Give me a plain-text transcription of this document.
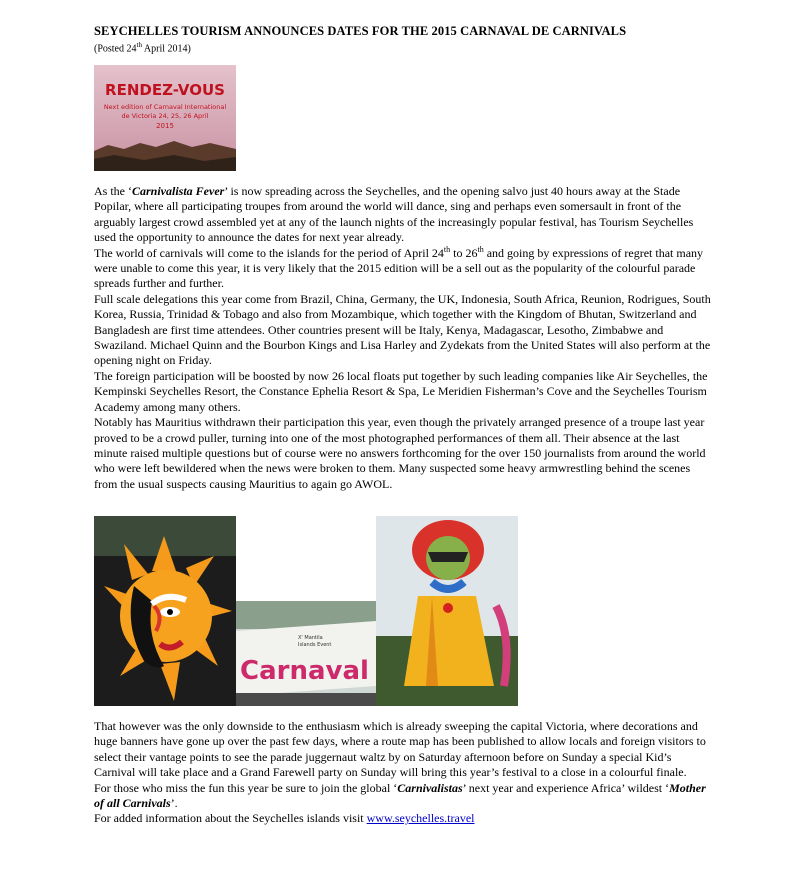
SEYCHELLES TOURISM ANNOUNCES DATES FOR THE 2015 CARNAVAL DE CARNIVALS

(Posted 24th April 2014)

RENDEZ-VOUS
Next edition of Carnaval International
de Victoria 24, 25, 26 April
2015

As the ‘Carnivalista Fever’ is now spreading across the Seychelles, and the opening salvo just 40 hours away at the Stade Popilar, where all participating troupes from around the world will dance, sing and perhaps even somersault in front of the arguably largest crowd assembled yet at any of the launch nights of the increasingly popular festival, has Tourism Seychelles used the opportunity to announce the dates for next year already.

The world of carnivals will come to the islands for the period of April 24th to 26th and going by expressions of regret that many were unable to come this year, it is very likely that the 2015 edition will be a sell out as the popularity of the colourful parade spreads further and further.

Full scale delegations this year come from Brazil, China, Germany, the UK, Indonesia, South Africa, Reunion, Rodrigues, South Korea, Russia, Trinidad & Tobago and also from Mozambique, which together with the Kingdom of Bhutan, Switzerland and Bangladesh are first time attendees. Other countries present will be Italy, Kenya, Madagascar, Lesotho, Zimbabwe and Swaziland. Michael Quinn and the Bourbon Kings and Lisa Harley and Zydekats from the United States will also perform at the opening night on Friday.

The foreign participation will be boosted by now 26 local floats put together by such leading companies like Air Seychelles, the Kempinski Seychelles Resort, the Constance Ephelia Resort & Spa, Le Meridien Fisherman’s Cove and the Seychelles Tourism Academy among many others.

Notably has Mauritius withdrawn their participation this year, even though the privately arranged presence of a troupe last year proved to be a crowd puller, turning into one of the most photographed performances of them all. Their absence at the last minute raised multiple questions but of course were no answers forthcoming for the over 150 journalists from around the world who were left bewildered when the news were broken to them. Many suspected some heavy armwrestling behind the scenes from the usual suspects causing Mauritius to again go AWOL.

X' Mantila
Islands Event
Carnaval

That however was the only downside to the enthusiasm which is already sweeping the capital Victoria, where decorations and huge banners have gone up over the past few days, where a route map has been published to allow locals and foreign visitors to select their vantage points to see the parade juggernaut waltz by on Saturday afternoon before on Sunday a special Kid’s Carnival will take place and a Grand Farewell party on Sunday will bring this year’s festival to a close in a colourful finale.

For those who miss the fun this year be sure to join the global ‘Carnivalistas’ next year and experience Africa’ wildest ‘Mother of all Carnivals’.

For added information about the Seychelles islands visit www.seychelles.travel
